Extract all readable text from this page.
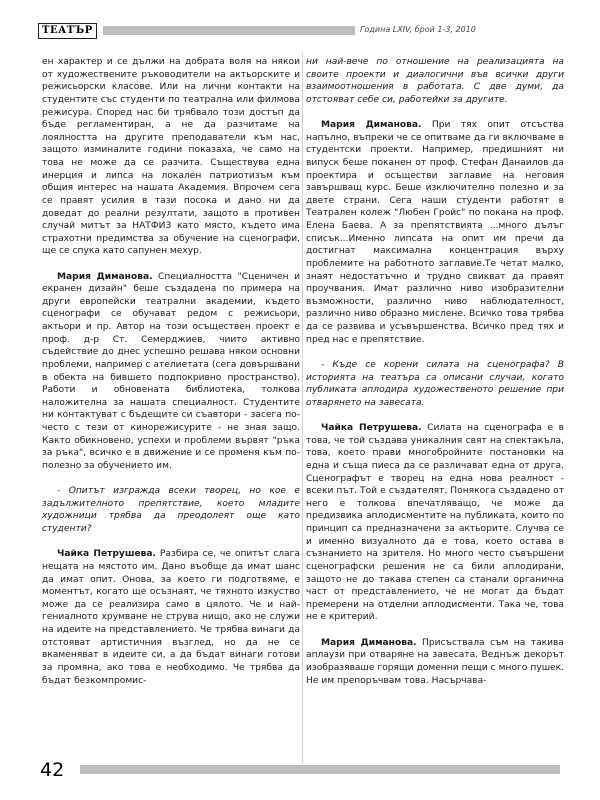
ТЕАТЪР	Година LXIV, брой 1-3, 2010

ен характер и се дължи на добрата воля на някои от художествените ръководители на актьорските и режисьорски класове. Или на лични контакти на студентите със студенти по театрална или филмова режисура. Според нас би трябвало този достъп да бъде регламентиран, а не да разчитаме на лоялността на другите преподаватели към нас, защото изминалите години показаха, че само на това не може да се разчита. Съществува една инерция и липса на локален патриотизъм към общия интерес на нашата Академия. Впрочем сега се правят усилия в тази посока и дано ни да доведат до реални резултати, защото в противен случай митът за НАТФИЗ като място, където има страхотни предимства за обучение на сценографи, ще се спука като сапунен мехур.

Мария Диманова. Специалността "Сценичен и екранен дизайн" беше създадена по примера на други европейски театрални академии, където сценографи се обучават редом с режисьори, актьори и пр. Автор на този осъществен проект е проф. д-р Ст. Семерджиев, чиито активно съдействие до днес успешно решава някои основни проблеми, например с ателиетата (сега довършвани в обекта на бившето подпокривно пространство). Работи и обновената библиотека, толкова наложителна за нашата специалност. Студентите ни контактуват с бъдещите си съавтори - засега по-често с тези от кинорежисурите - не зная защо. Както обикновено, успехи и проблеми вървят "ръка за ръка", всичко е в движение и се променя към по-полезно за обучението им.

- Опитът изгражда всеки творец, но кое е задължителното препятствие, което младите художници трябва да преодолеят още като студенти?

Чайка Петрушева. Разбира се, че опитът слага нещата на мястото им. Дано въобще да имат шанс да имат опит. Онова, за което ги подготвяме, е моментът, когато ще осъзнаят, че тяхното изкуство може да се реализира само в цялото. Че и най-гениалното хрумване не струва нищо, ако не служи на идеите на представлението. Че трябва винаги да отстояват артистичния възглед, но да не се вкаменяват в идеите си, а да бъдат винаги готови за промяна, ако това е необходимо. Че трябва да бъдат безкомпромис-

ни най-вече по отношение на реализацията на своите проекти и диалогични във всички други взаимоотношения в работата. С две думи, да отстояват себе си, работейки за другите.

Мария Диманова. При тях опит отсъства напълно, въпреки че се опитваме да ги включваме в студентски проекти. Например, предишният ни випуск беше поканен от проф. Стефан Данаилов да проектира и осъществи заглавие на неговия завършващ курс. Беше изключително полезно и за двете страни. Сега наши студенти работят в Театрален колеж "Любен Гройс" по покана на проф. Елена Баева. А за препятствията ...много дълъг списък...Именно липсата на опит им пречи да достигнат максимална концентрация върху проблемите на работното заглавие.Те четат малко, знаят недостатъчно и трудно свикват да правят проучвания. Имат различно ниво изобразителни възможности, различно ниво наблюдателност, различно ниво образно мислене. Всичко това трябва да се развива и усъвършенства. Всичко пред тях и пред нас е препятствие.

- Къде се корени силата на сценографа? В историята на театъра са описани случаи, когато публиката аплодира художественото решение при отварянето на завесата.

Чайка Петрушева. Силата на сценографа е в това, че той създава уникалния свят на спектакъла, това, което прави многобройните постановки на една и съща пиеса да се различават една от друга. Сценографът е творец на една нова реалност - всеки път. Той е създателят. Понякога създадено от него е толкова впечатляващо, че може да предизвика аплодисментите на публиката, които по принцип са предназначени за актьорите. Случва се и именно визуалното да е това, което остава в съзнанието на зрителя. Но много често съвършени сценографски решения не са били аплодирани, защото не до такава степен са станали органична част от представлението, че не могат да бъдат премерени на отделни аплодисменти. Така че, това не е критерий.

Мария Диманова. Присъствала съм на такива аплаузи при отваряне на завесата. Веднъж декорът изобразяваше горящи доменни пещи с много пушек. Не им препоръчвам това. Насърчава-

42
